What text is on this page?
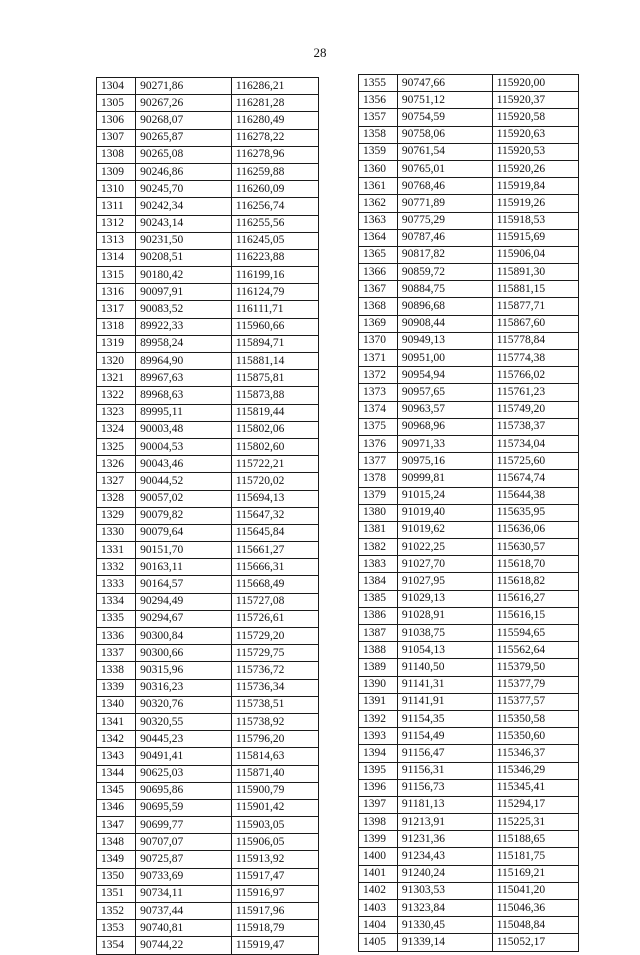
28
1304	90271,86	116286,21
1305	90267,26	116281,28
1306	90268,07	116280,49
1307	90265,87	116278,22
1308	90265,08	116278,96
1309	90246,86	116259,88
1310	90245,70	116260,09
1311	90242,34	116256,74
1312	90243,14	116255,56
1313	90231,50	116245,05
1314	90208,51	116223,88
1315	90180,42	116199,16
1316	90097,91	116124,79
1317	90083,52	116111,71
1318	89922,33	115960,66
1319	89958,24	115894,71
1320	89964,90	115881,14
1321	89967,63	115875,81
1322	89968,63	115873,88
1323	89995,11	115819,44
1324	90003,48	115802,06
1325	90004,53	115802,60
1326	90043,46	115722,21
1327	90044,52	115720,02
1328	90057,02	115694,13
1329	90079,82	115647,32
1330	90079,64	115645,84
1331	90151,70	115661,27
1332	90163,11	115666,31
1333	90164,57	115668,49
1334	90294,49	115727,08
1335	90294,67	115726,61
1336	90300,84	115729,20
1337	90300,66	115729,75
1338	90315,96	115736,72
1339	90316,23	115736,34
1340	90320,76	115738,51
1341	90320,55	115738,92
1342	90445,23	115796,20
1343	90491,41	115814,63
1344	90625,03	115871,40
1345	90695,86	115900,79
1346	90695,59	115901,42
1347	90699,77	115903,05
1348	90707,07	115906,05
1349	90725,87	115913,92
1350	90733,69	115917,47
1351	90734,11	115916,97
1352	90737,44	115917,96
1353	90740,81	115918,79
1354	90744,22	115919,47
1355	90747,66	115920,00
1356	90751,12	115920,37
1357	90754,59	115920,58
1358	90758,06	115920,63
1359	90761,54	115920,53
1360	90765,01	115920,26
1361	90768,46	115919,84
1362	90771,89	115919,26
1363	90775,29	115918,53
1364	90787,46	115915,69
1365	90817,82	115906,04
1366	90859,72	115891,30
1367	90884,75	115881,15
1368	90896,68	115877,71
1369	90908,44	115867,60
1370	90949,13	115778,84
1371	90951,00	115774,38
1372	90954,94	115766,02
1373	90957,65	115761,23
1374	90963,57	115749,20
1375	90968,96	115738,37
1376	90971,33	115734,04
1377	90975,16	115725,60
1378	90999,81	115674,74
1379	91015,24	115644,38
1380	91019,40	115635,95
1381	91019,62	115636,06
1382	91022,25	115630,57
1383	91027,70	115618,70
1384	91027,95	115618,82
1385	91029,13	115616,27
1386	91028,91	115616,15
1387	91038,75	115594,65
1388	91054,13	115562,64
1389	91140,50	115379,50
1390	91141,31	115377,79
1391	91141,91	115377,57
1392	91154,35	115350,58
1393	91154,49	115350,60
1394	91156,47	115346,37
1395	91156,31	115346,29
1396	91156,73	115345,41
1397	91181,13	115294,17
1398	91213,91	115225,31
1399	91231,36	115188,65
1400	91234,43	115181,75
1401	91240,24	115169,21
1402	91303,53	115041,20
1403	91323,84	115046,36
1404	91330,45	115048,84
1405	91339,14	115052,17
